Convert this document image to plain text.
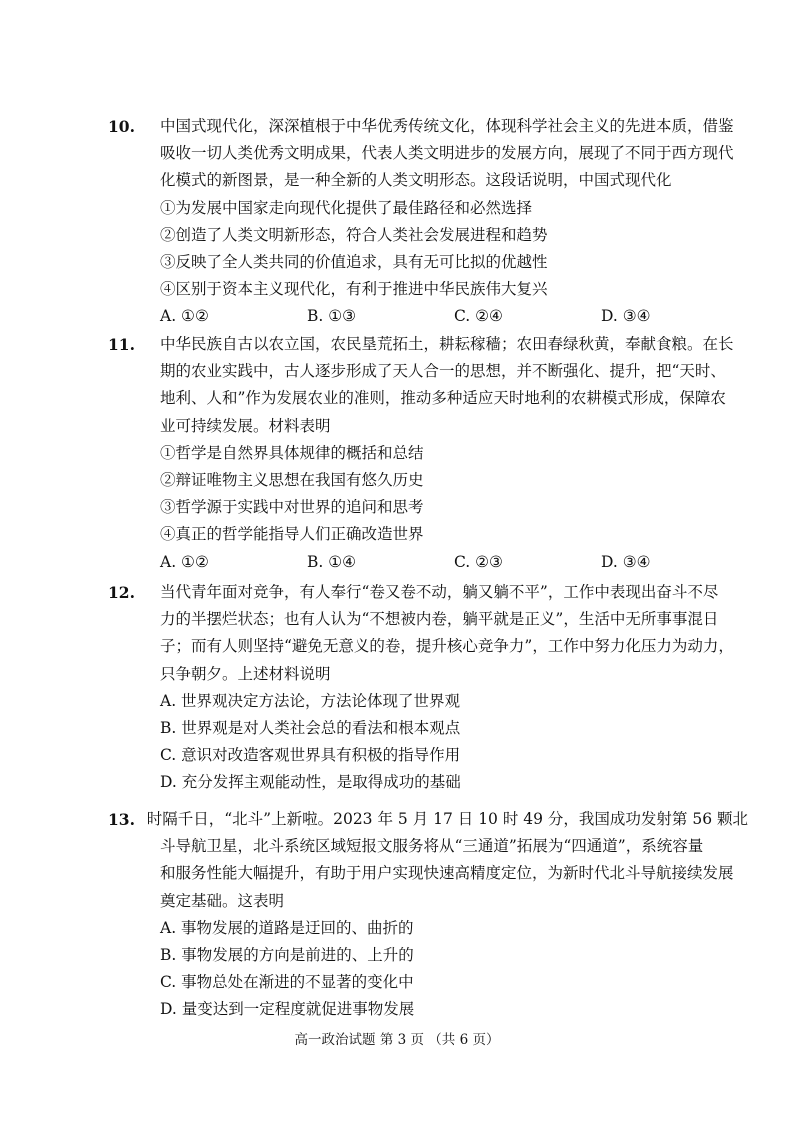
10.	中国式现代化，深深植根于中华优秀传统文化，体现科学社会主义的先进本质，借鉴
吸收一切人类优秀文明成果，代表人类文明进步的发展方向，展现了不同于西方现代
化模式的新图景，是一种全新的人类文明形态。这段话说明，中国式现代化
①为发展中国家走向现代化提供了最佳路径和必然选择
②创造了人类文明新形态，符合人类社会发展进程和趋势
③反映了全人类共同的价值追求，具有无可比拟的优越性
④区别于资本主义现代化，有利于推进中华民族伟大复兴
A. ①②	B. ①③	C. ②④	D. ③④
11.	中华民族自古以农立国，农民垦荒拓土，耕耘稼穑；农田春绿秋黄，奉献食粮。在长
期的农业实践中，古人逐步形成了天人合一的思想，并不断强化、提升，把“天时、
地利、人和”作为发展农业的准则，推动多种适应天时地利的农耕模式形成，保障农
业可持续发展。材料表明
①哲学是自然界具体规律的概括和总结
②辩证唯物主义思想在我国有悠久历史
③哲学源于实践中对世界的追问和思考
④真正的哲学能指导人们正确改造世界
A. ①②	B. ①④	C. ②③	D. ③④
12.	当代青年面对竞争，有人奉行“卷又卷不动，躺又躺不平”，工作中表现出奋斗不尽
力的半摆烂状态；也有人认为“不想被内卷，躺平就是正义”，生活中无所事事混日
子；而有人则坚持“避免无意义的卷，提升核心竞争力”，工作中努力化压力为动力，
只争朝夕。上述材料说明
A. 世界观决定方法论，方法论体现了世界观
B. 世界观是对人类社会总的看法和根本观点
C. 意识对改造客观世界具有积极的指导作用
D. 充分发挥主观能动性，是取得成功的基础
13. 时隔千日，“北斗”上新啦。2023 年 5 月 17 日 10 时 49 分，我国成功发射第 56 颗北
斗导航卫星，北斗系统区域短报文服务将从“三通道”拓展为“四通道”，系统容量
和服务性能大幅提升，有助于用户实现快速高精度定位，为新时代北斗导航接续发展
奠定基础。这表明
A. 事物发展的道路是迂回的、曲折的
B. 事物发展的方向是前进的、上升的
C. 事物总处在渐进的不显著的变化中
D. 量变达到一定程度就促进事物发展
高一政治试题 第 3 页 （共 6 页）
